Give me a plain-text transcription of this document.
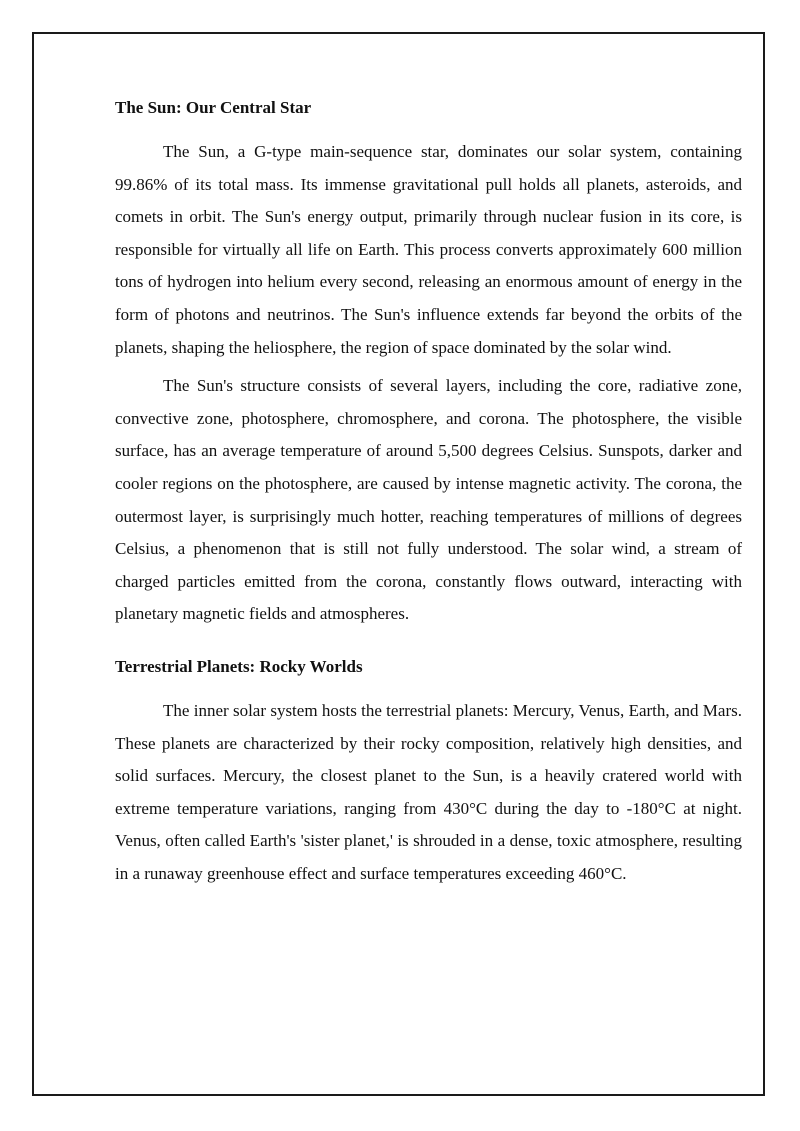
The Sun: Our Central Star

The Sun, a G-type main-sequence star, dominates our solar system, containing 99.86% of its total mass. Its immense gravitational pull holds all planets, asteroids, and comets in orbit. The Sun's energy output, primarily through nuclear fusion in its core, is responsible for virtually all life on Earth. This process converts approximately 600 million tons of hydrogen into helium every second, releasing an enormous amount of energy in the form of photons and neutrinos. The Sun's influence extends far beyond the orbits of the planets, shaping the heliosphere, the region of space dominated by the solar wind.

The Sun's structure consists of several layers, including the core, radiative zone, convective zone, photosphere, chromosphere, and corona. The photosphere, the visible surface, has an average temperature of around 5,500 degrees Celsius. Sunspots, darker and cooler regions on the photosphere, are caused by intense magnetic activity. The corona, the outermost layer, is surprisingly much hotter, reaching temperatures of millions of degrees Celsius, a phenomenon that is still not fully understood. The solar wind, a stream of charged particles emitted from the corona, constantly flows outward, interacting with planetary magnetic fields and atmospheres.

Terrestrial Planets: Rocky Worlds

The inner solar system hosts the terrestrial planets: Mercury, Venus, Earth, and Mars. These planets are characterized by their rocky composition, relatively high densities, and solid surfaces. Mercury, the closest planet to the Sun, is a heavily cratered world with extreme temperature variations, ranging from 430°C during the day to -180°C at night. Venus, often called Earth's 'sister planet,' is shrouded in a dense, toxic atmosphere, resulting in a runaway greenhouse effect and surface temperatures exceeding 460°C.
